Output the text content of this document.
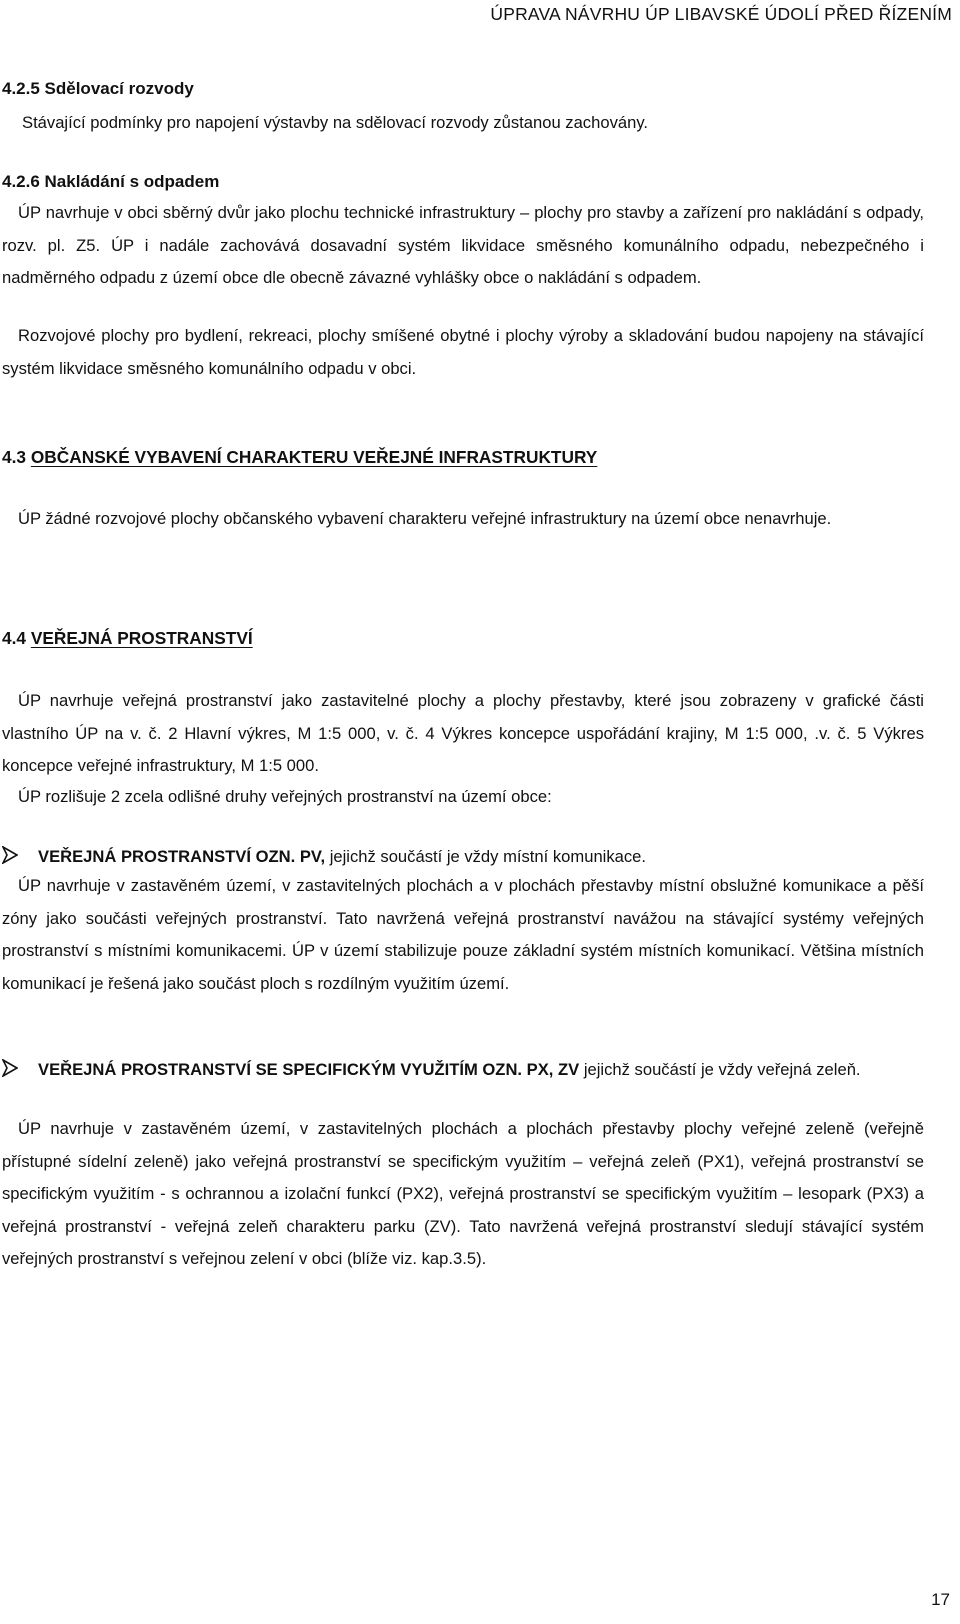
ÚPRAVA NÁVRHU ÚP LIBAVSKÉ ÚDOLÍ PŘED ŘÍZENÍM
4.2.5 Sdělovací rozvody
Stávající podmínky pro napojení výstavby na sdělovací rozvody zůstanou zachovány.
4.2.6 Nakládání s odpadem

ÚP navrhuje v obci sběrný dvůr jako plochu technické infrastruktury – plochy pro stavby a zařízení pro nakládání s odpady, rozv. pl. Z5. ÚP i nadále zachovává dosavadní systém likvidace směsného komunálního odpadu, nebezpečného i nadměrného odpadu z území obce dle obecně závazné vyhlášky obce o nakládání s odpadem.

Rozvojové plochy pro bydlení, rekreaci, plochy smíšené obytné i plochy výroby a skladování budou napojeny na stávající systém likvidace směsného komunálního odpadu v obci.

4.3 OBČANSKÉ VYBAVENÍ CHARAKTERU VEŘEJNÉ INFRASTRUKTURY

ÚP žádné rozvojové plochy občanského vybavení charakteru veřejné infrastruktury na území obce nenavrhuje.

4.4 VEŘEJNÁ PROSTRANSTVÍ

ÚP navrhuje veřejná prostranství jako zastavitelné plochy a plochy přestavby, které jsou zobrazeny v grafické části vlastního ÚP na v. č. 2 Hlavní výkres, M 1:5 000, v. č. 4 Výkres koncepce uspořádání krajiny, M 1:5 000, .v. č. 5 Výkres koncepce veřejné infrastruktury, M 1:5 000.

ÚP rozlišuje 2 zcela odlišné druhy veřejných prostranství na území obce:
VEŘEJNÁ PROSTRANSTVÍ OZN. PV, jejichž součástí je vždy místní komunikace.

ÚP navrhuje v zastavěném území, v zastavitelných plochách a v plochách přestavby místní obslužné komunikace a pěší zóny jako součásti veřejných prostranství. Tato navržená veřejná prostranství navážou na stávající systémy veřejných prostranství s místními komunikacemi. ÚP v území stabilizuje pouze základní systém místních komunikací. Většina místních komunikací je řešená jako součást ploch s rozdílným využitím území.

VEŘEJNÁ PROSTRANSTVÍ SE SPECIFICKÝM VYUŽITÍM OZN. PX, ZV jejichž součástí je vždy veřejná zeleň.

ÚP navrhuje v zastavěném území, v zastavitelných plochách a plochách přestavby plochy veřejné zeleně (veřejně přístupné sídelní zeleně) jako veřejná prostranství se specifickým využitím – veřejná zeleň (PX1), veřejná prostranství se specifickým využitím - s ochrannou a izolační funkcí (PX2), veřejná prostranství se specifickým využitím – lesopark (PX3) a veřejná prostranství - veřejná zeleň charakteru parku (ZV). Tato navržená veřejná prostranství sledují stávající systém veřejných prostranství s veřejnou zelení v obci (blíže viz. kap.3.5).

17
